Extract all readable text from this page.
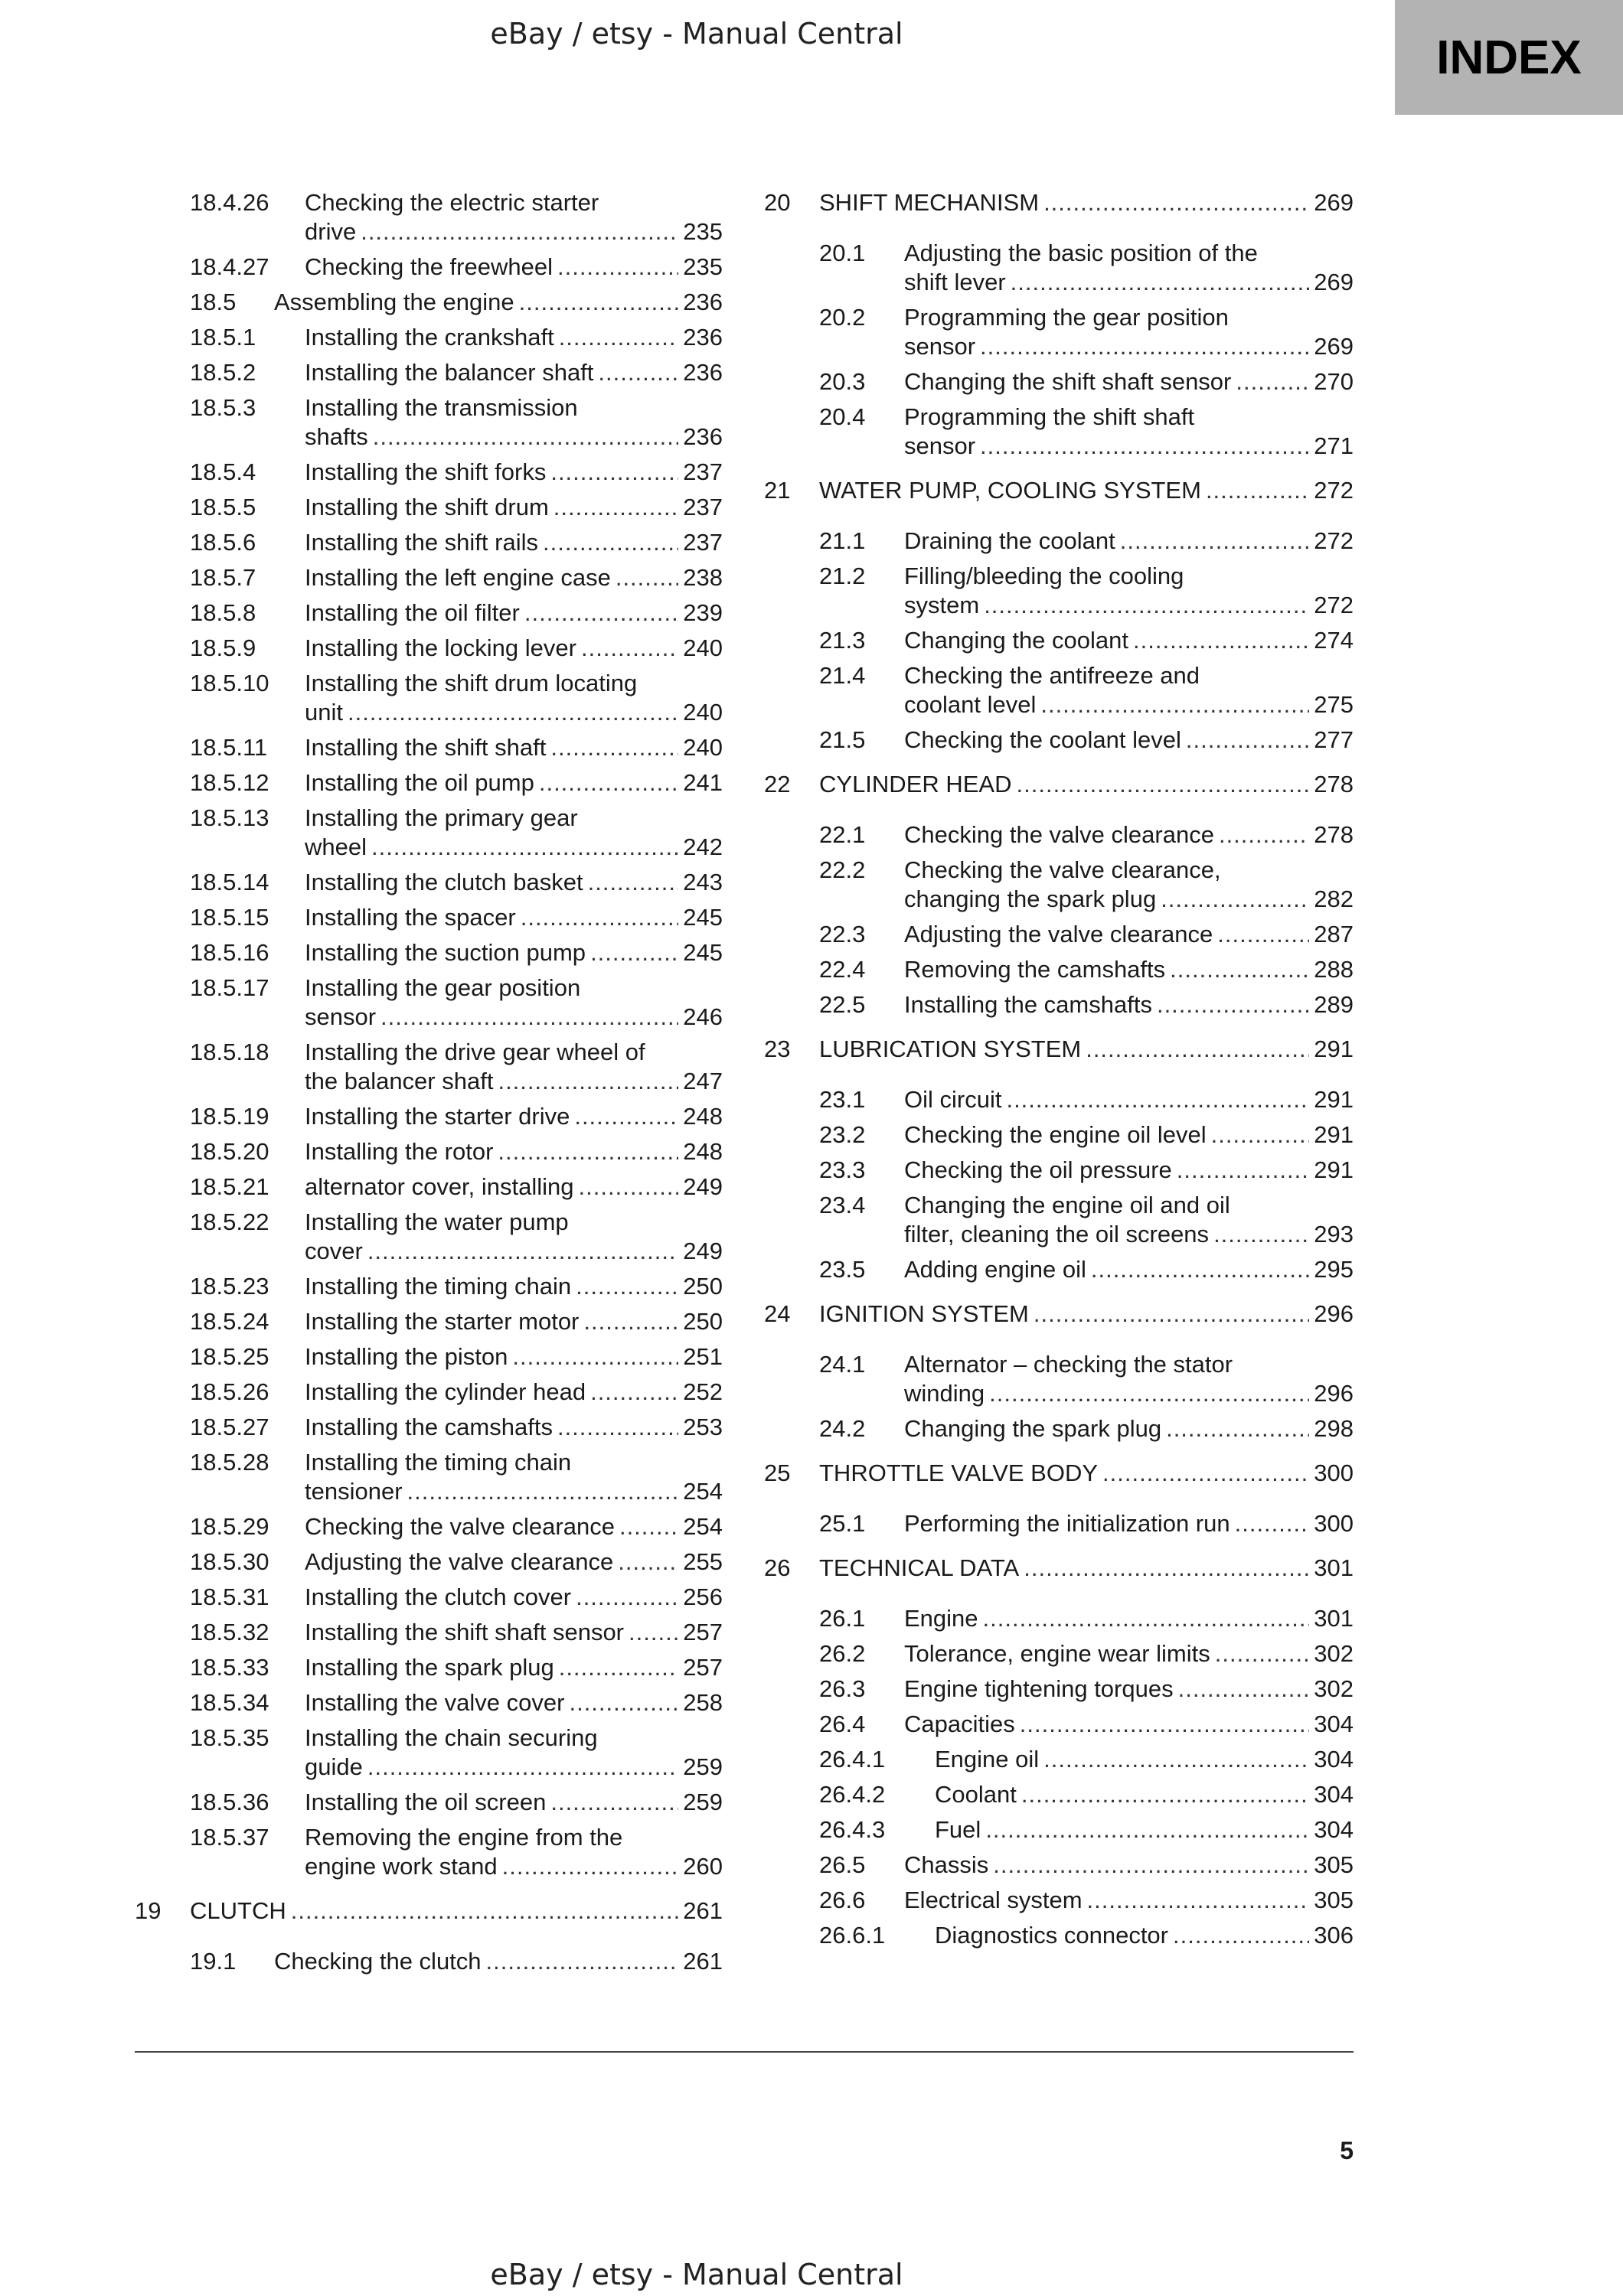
eBay / etsy - Manual Central	INDEX
18.4.26	Checking the electric starter
drive .....	235
18.4.27	Checking the freewheel .....	235
18.5	Assembling the engine .....	236
18.5.1	Installing the crankshaft .....	236
18.5.2	Installing the balancer shaft .....	236
18.5.3	Installing the transmission
shafts .....	236
18.5.4	Installing the shift forks .....	237
18.5.5	Installing the shift drum .....	237
18.5.6	Installing the shift rails .....	237
18.5.7	Installing the left engine case .....	238
18.5.8	Installing the oil filter .....	239
18.5.9	Installing the locking lever .....	240
18.5.10	Installing the shift drum locating
unit .....	240
18.5.11	Installing the shift shaft .....	240
18.5.12	Installing the oil pump .....	241
18.5.13	Installing the primary gear
wheel .....	242
18.5.14	Installing the clutch basket .....	243
18.5.15	Installing the spacer .....	245
18.5.16	Installing the suction pump .....	245
18.5.17	Installing the gear position
sensor .....	246
18.5.18	Installing the drive gear wheel of
the balancer shaft .....	247
18.5.19	Installing the starter drive .....	248
18.5.20	Installing the rotor .....	248
18.5.21	alternator cover, installing .....	249
18.5.22	Installing the water pump
cover .....	249
18.5.23	Installing the timing chain .....	250
18.5.24	Installing the starter motor .....	250
18.5.25	Installing the piston .....	251
18.5.26	Installing the cylinder head .....	252
18.5.27	Installing the camshafts .....	253
18.5.28	Installing the timing chain
tensioner .....	254
18.5.29	Checking the valve clearance .....	254
18.5.30	Adjusting the valve clearance .....	255
18.5.31	Installing the clutch cover .....	256
18.5.32	Installing the shift shaft sensor ..... 257
18.5.33	Installing the spark plug .....	257
18.5.34	Installing the valve cover .....	258
18.5.35	Installing the chain securing
guide .....	259
18.5.36	Installing the oil screen .....	259
18.5.37	Removing the engine from the
engine work stand .....	260
19	CLUTCH .....	261
19.1	Checking the clutch .....	261
20	SHIFT MECHANISM .....	269
20.1	Adjusting the basic position of the
shift lever .....	269
20.2	Programming the gear position
sensor .....	269
20.3	Changing the shift shaft sensor .....	270
20.4	Programming the shift shaft
sensor .....	271
21	WATER PUMP, COOLING SYSTEM .....	272
21.1	Draining the coolant .....	272
21.2	Filling/bleeding the cooling
system .....	272
21.3	Changing the coolant .....	274
21.4	Checking the antifreeze and
coolant level .....	275
21.5	Checking the coolant level .....	277
22	CYLINDER HEAD .....	278
22.1	Checking the valve clearance .....	278
22.2	Checking the valve clearance,
changing the spark plug .....	282
22.3	Adjusting the valve clearance .....	287
22.4	Removing the camshafts .....	288
22.5	Installing the camshafts .....	289
23	LUBRICATION SYSTEM .....	291
23.1	Oil circuit .....	291
23.2	Checking the engine oil level .....	291
23.3	Checking the oil pressure .....	291
23.4	Changing the engine oil and oil
filter, cleaning the oil screens .....	293
23.5	Adding engine oil .....	295
24	IGNITION SYSTEM .....	296
24.1	Alternator – checking the stator
winding .....	296
24.2	Changing the spark plug .....	298
25	THROTTLE VALVE BODY .....	300
25.1	Performing the initialization run .....	300
26	TECHNICAL DATA .....	301
26.1	Engine .....	301
26.2	Tolerance, engine wear limits .....	302
26.3	Engine tightening torques .....	302
26.4	Capacities .....	304
26.4.1	Engine oil .....	304
26.4.2	Coolant .....	304
26.4.3	Fuel .....	304
26.5	Chassis .....	305
26.6	Electrical system .....	305
26.6.1	Diagnostics connector .....	306
5
eBay / etsy - Manual Central
